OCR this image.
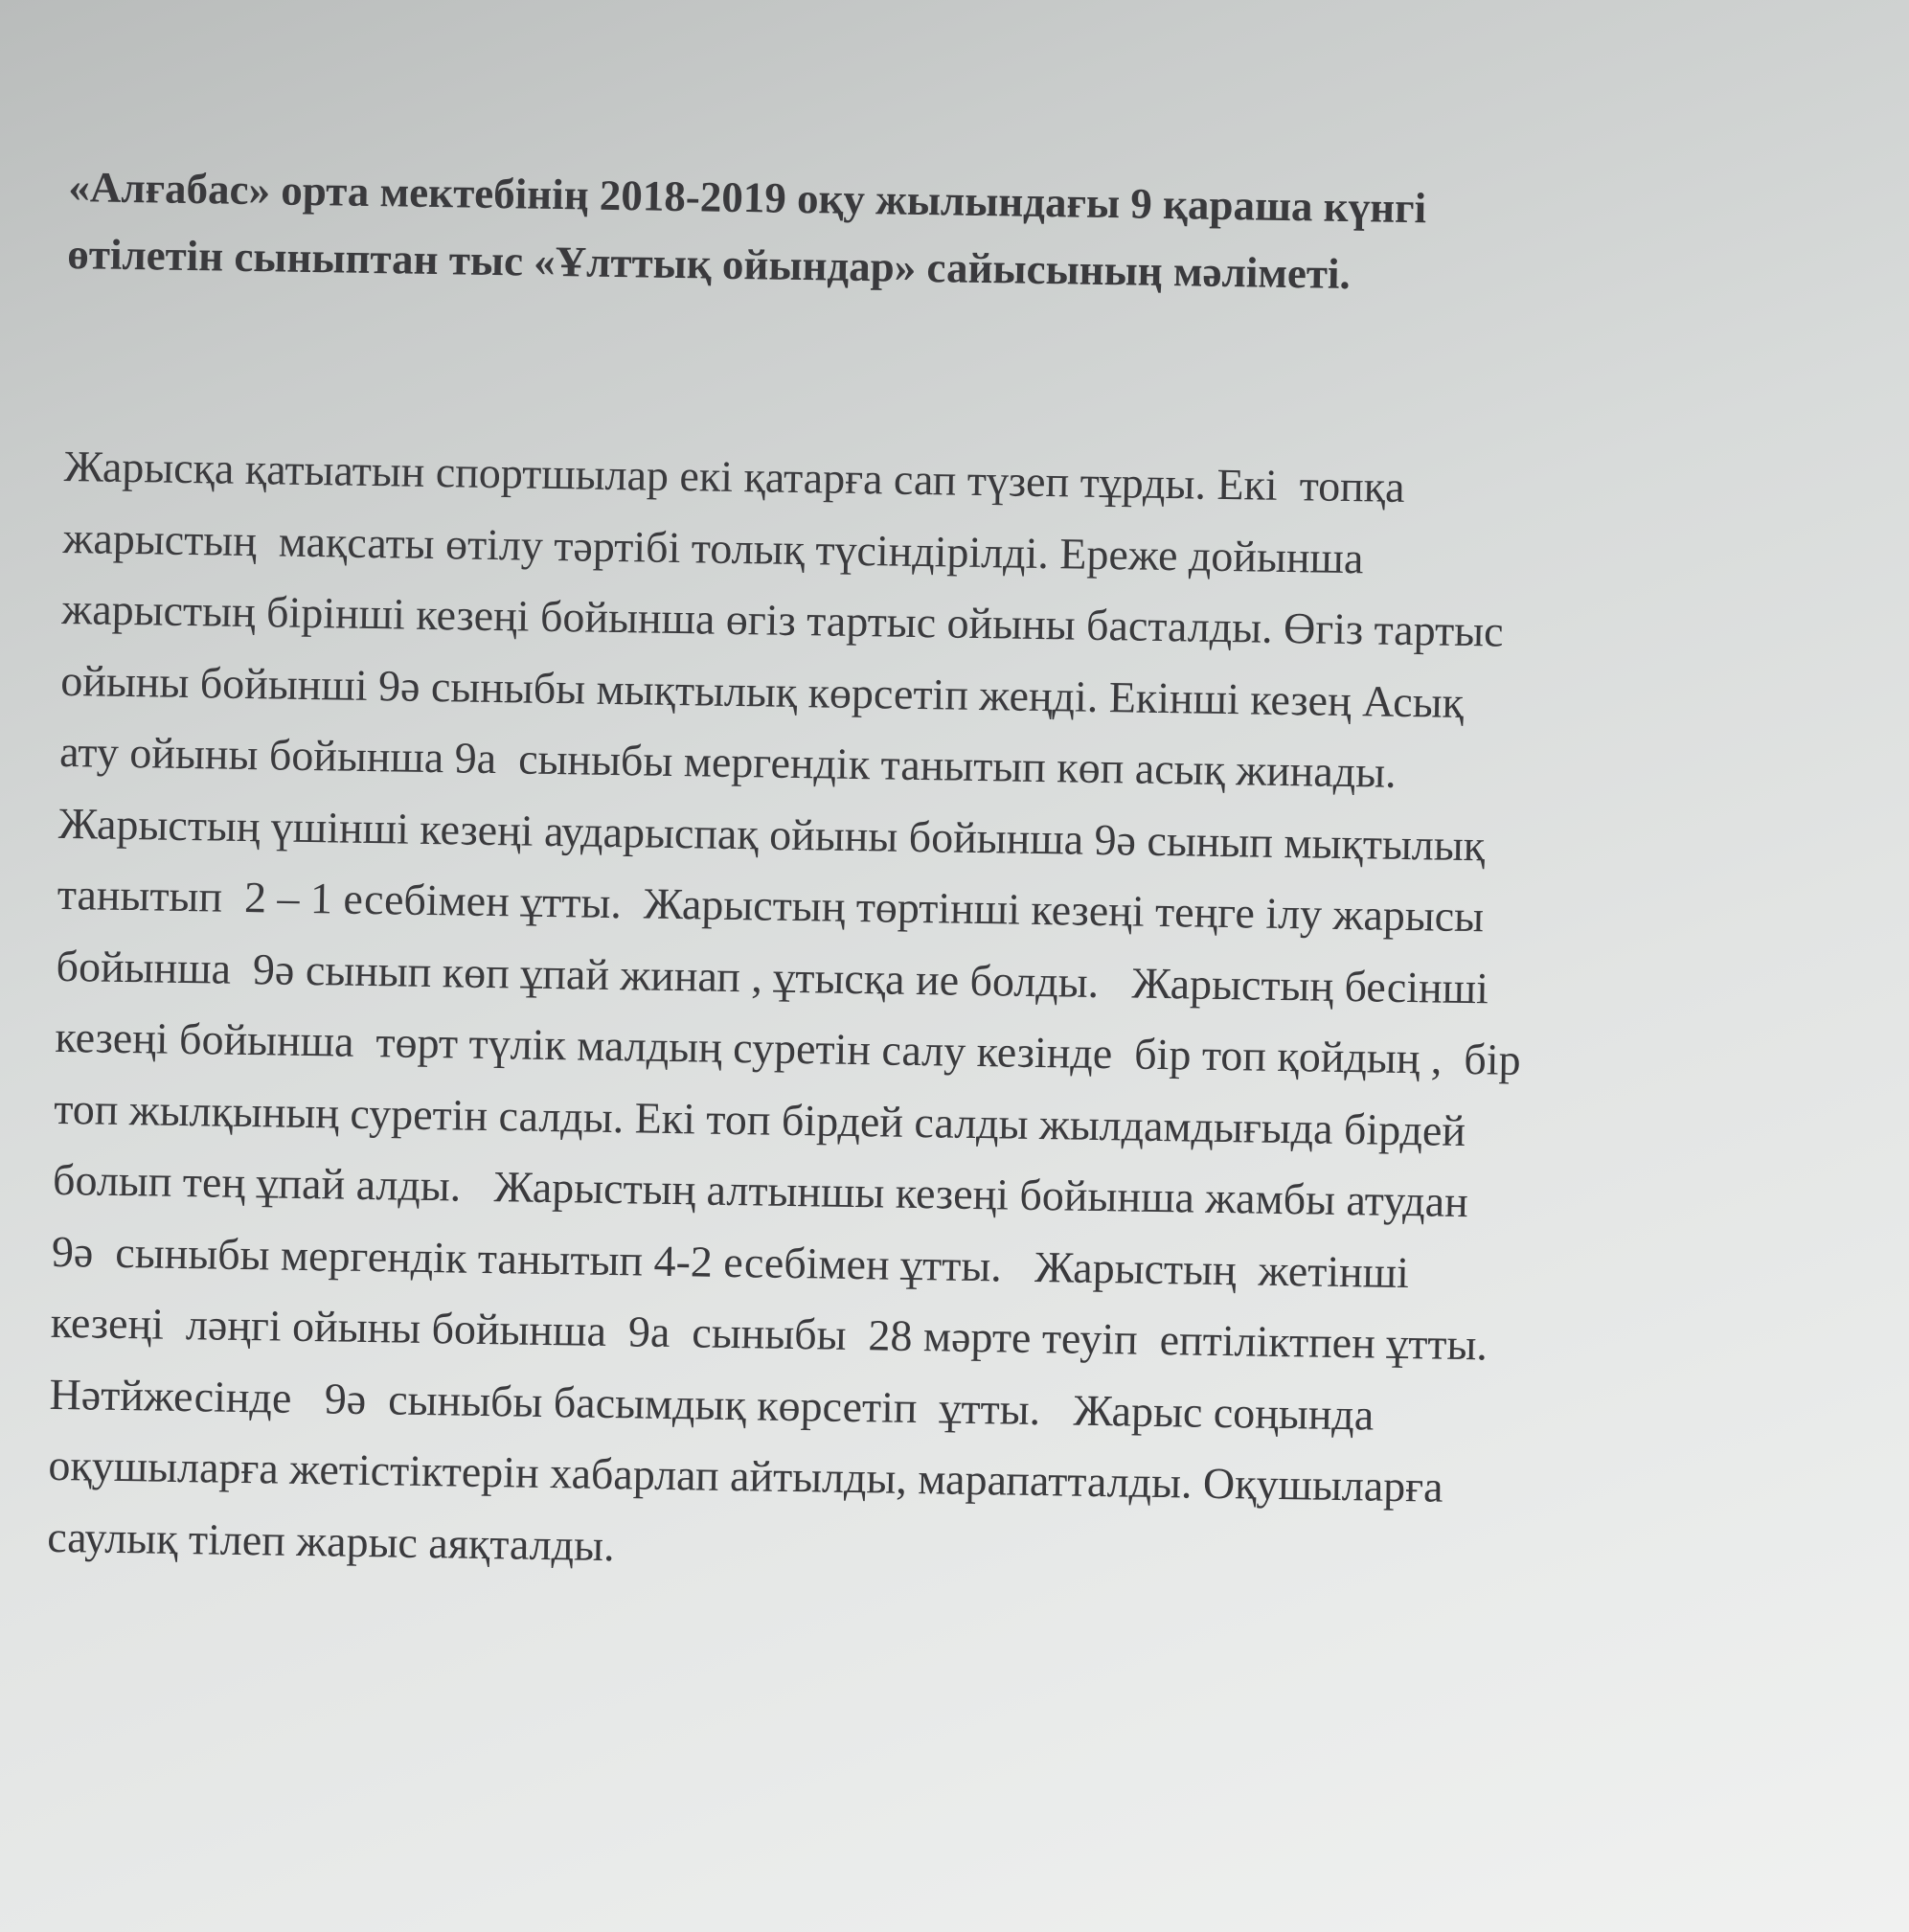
«Алғабас» орта мектебінің 2018-2019 оқу жылындағы 9 қараша күнгі
өтілетін сыныптан тыс «Ұлттық ойындар» сайысының мәліметі.
Жарысқа қатыатын спортшылар екі қатарға сап түзеп тұрды. Екі  топқа
жарыстың  мақсаты өтілу тәртібі толық түсіндірілді. Ереже дойынша
жарыстың бірінші кезеңі бойынша өгіз тартыс ойыны басталды. Өгіз тартыс
ойыны бойынші 9ә сыныбы мықтылық көрсетіп жеңді. Екінші кезең Асық
ату ойыны бойынша 9а  сыныбы мергендік танытып көп асық жинады.
Жарыстың үшінші кезеңі аударыспақ ойыны бойынша 9ә сынып мықтылық
танытып  2 – 1 есебімен ұтты.  Жарыстың төртінші кезеңі теңге ілу жарысы
бойынша  9ә сынып көп ұпай жинап , ұтысқа ие болды.   Жарыстың бесінші
кезеңі бойынша  төрт түлік малдың суретін салу кезінде  бір топ қойдың ,  бір
топ жылқының суретін салды. Екі топ бірдей салды жылдамдығыда бірдей
болып тең ұпай алды.   Жарыстың алтыншы кезеңі бойынша жамбы атудан
9ә  сыныбы мергендік танытып 4-2 есебімен ұтты.   Жарыстың  жетінші
кезеңі  ләңгі ойыны бойынша  9а  сыныбы  28 мәрте теуіп  ептіліктпен ұтты.
Нәтйжесінде   9ә  сыныбы басымдық көрсетіп  ұтты.   Жарыс соңында
оқушыларға жетістіктерін хабарлап айтылды, марапатталды. Оқушыларға
саулық тілеп жарыс аяқталды.
